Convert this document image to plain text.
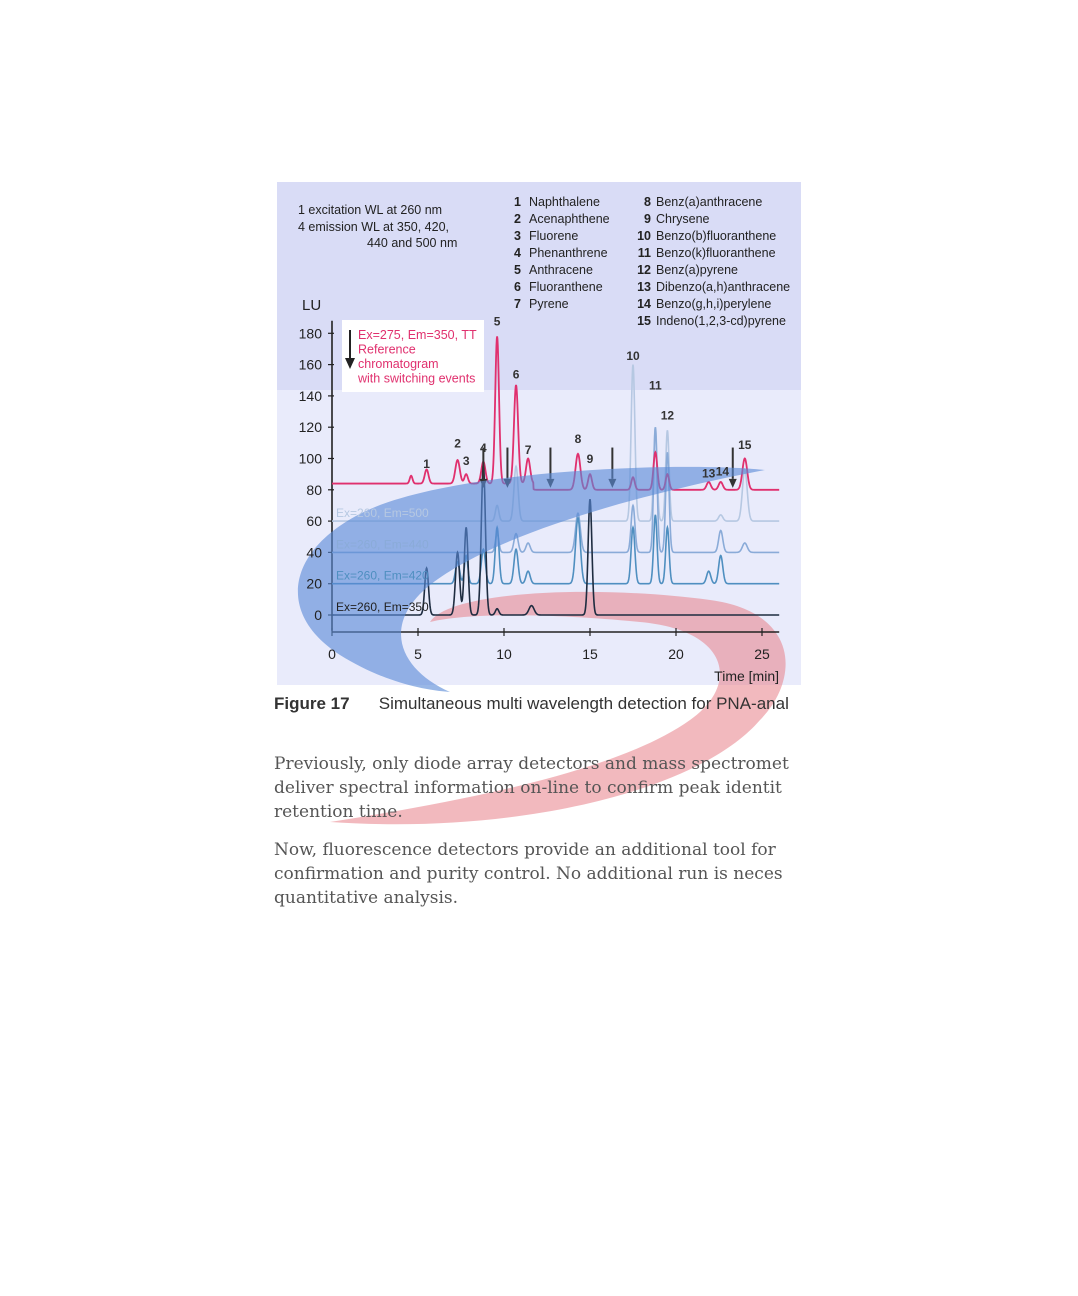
0
20
40
60
80
100
120
140
160
180
0	5	10	15	20	25
LU
Time [min]
Ex=260, Em=500
Ex=260, Em=440
Ex=260, Em=420
Ex=260, Em=350
1
2
3
4
5
6
7
8
9
10
11
12
13 14
15
Ex=275, Em=350, TT
Reference
chromatogram
with switching events
1 excitation WL at 260 nm
4 emission WL at 350, 420,
440 and 500 nm
1 Naphthalene
2 Acenaphthene
3 Fluorene
4 Phenanthrene
5 Anthracene
6 Fluoranthene
7 Pyrene
8 Benz(a)anthracene
9 Chrysene
10 Benzo(b)fluoranthene
11 Benzo(k)fluoranthene
12 Benz(a)pyrene
13 Dibenzo(a,h)anthracene
14 Benzo(g,h,i)perylene
15 Indeno(1,2,3-cd)pyrene
Figure 17 Simultaneous multi wavelength detection for PNA-anal
Previously, only diode array detectors and mass spectromet
deliver spectral information on-line to confirm peak identit
retention time.
Now, fluorescence detectors provide an additional tool for
confirmation and purity control. No additional run is neces
quantitative analysis.
